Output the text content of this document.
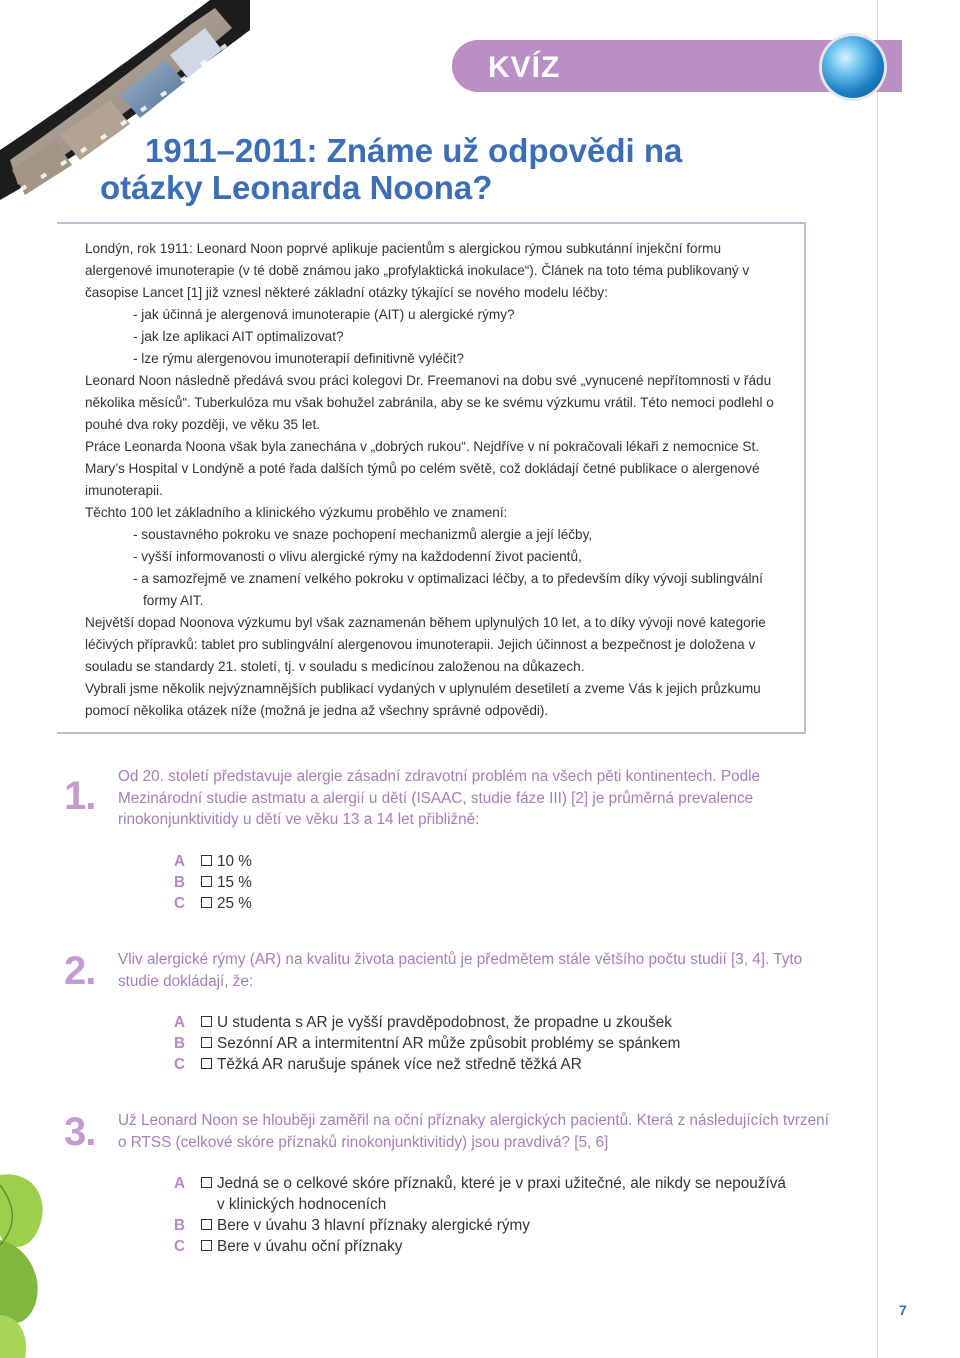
KVÍZ
1911–2011: Známe už odpovědi na
otázky Leonarda Noona?

Londýn, rok 1911: Leonard Noon poprvé aplikuje pacientům s alergickou rýmou subkutánní injekční formu alergenové imunoterapie (v té době známou jako „profylaktická inokulace“). Článek na toto téma publikovaný v časopise Lancet [1] již vznesl některé základní otázky týkající se nového modelu léčby:

- jak účinná je alergenová imunoterapie (AIT) u alergické rýmy?

- jak lze aplikaci AIT optimalizovat?

- lze rýmu alergenovou imunoterapií definitivně vyléčit?

Leonard Noon následně předává svou práci kolegovi Dr. Freemanovi na dobu své „vynucené nepřítomnosti v řádu několika měsíců“. Tuberkulóza mu však bohužel zabránila, aby se ke svému výzkumu vrátil. Této nemoci podlehl o pouhé dva roky později, ve věku 35 let.

Práce Leonarda Noona však byla zanechána v „dobrých rukou“. Nejdříve v ní pokračovali lékaři z nemocnice St. Mary’s Hospital v Londýně a poté řada dalších týmů po celém světě, což dokládají četné publikace o alergenové imunoterapii.

Těchto 100 let základního a klinického výzkumu proběhlo ve znamení:

- soustavného pokroku ve snaze pochopení mechanizmů alergie a její léčby,

- vyšší informovanosti o vlivu alergické rýmy na každodenní život pacientů,

- a samozřejmě ve znamení velkého pokroku v optimalizaci léčby, a to především díky vývoji sublingvální

formy AIT.

Největší dopad Noonova výzkumu byl však zaznamenán během uplynulých 10 let, a to díky vývoji nové kategorie léčivých přípravků: tablet pro sublingvální alergenovou imunoterapii. Jejich účinnost a bezpečnost je doložena v souladu se standardy 21. století, tj. v souladu s medicínou založenou na důkazech.

Vybrali jsme několik nejvýznamnějších publikací vydaných v uplynulém desetiletí a zveme Vás k jejich průzkumu pomocí několika otázek níže (možná je jedna až všechny správné odpovědi).

1. Od 20. století představuje alergie zásadní zdravotní problém na všech pěti kontinentech. Podle Mezinárodní studie astmatu a alergií u dětí (ISAAC, studie fáze III) [2] je průměrná prevalence rinokonjunktivitidy u dětí ve věku 13 a 14 let přibližně:
A 10 %
B 15 %
C 25 %
2. Vliv alergické rýmy (AR) na kvalitu života pacientů je předmětem stále většího počtu studií [3, 4]. Tyto studie dokládají, že:
A U studenta s AR je vyšší pravděpodobnost, že propadne u zkoušek
B Sezónní AR a intermitentní AR může způsobit problémy se spánkem
C Těžká AR narušuje spánek více než středně těžká AR
3. Už Leonard Noon se hlouběji zaměřil na oční příznaky alergických pacientů. Která z následujících tvrzení o RTSS (celkové skóre příznaků rinokonjunktivitidy) jsou pravdivá? [5, 6]
A Jedná se o celkové skóre příznaků, které je v praxi užitečné, ale nikdy se nepoužívá
v klinických hodnoceních
B Bere v úvahu 3 hlavní příznaky alergické rýmy
C Bere v úvahu oční příznaky
7
